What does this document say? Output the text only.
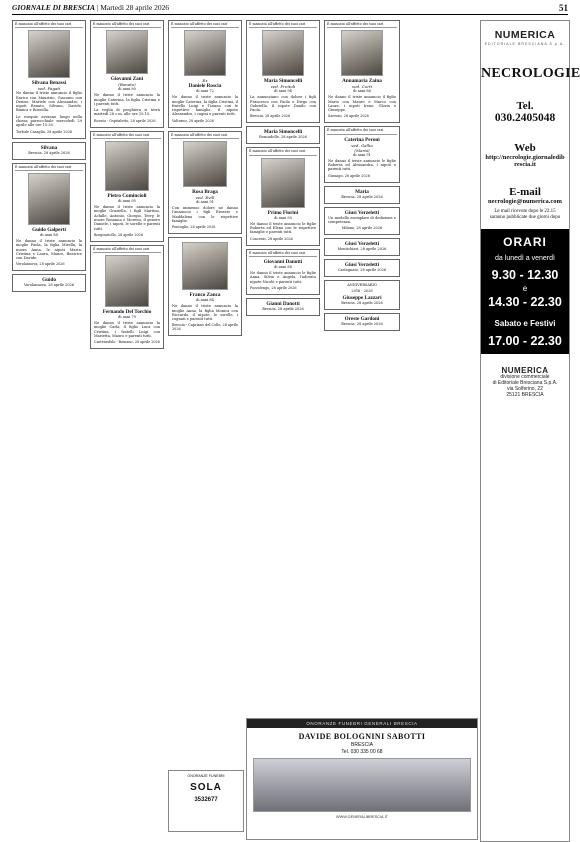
GIORNALE DI BRESCIA | Martedì 28 aprile 2026	51
È mancata all'affetto dei suoi cari
Silvana Benassi
ved. Pagati

Ne danno il triste annuncio il figlio Enrico con Maurizio, Giacomo con Denise, Mariele con Alessandro, i nipoti Renato, Silvano, Davide, Bianca e Rossella.

Le esequie avranno luogo nella chiesa parrocchiale mercoledì 29 aprile alle ore 15.30.

Torbole Casaglia, 28 aprile 2026

Silvana
Brescia, 28 aprile 2026
È mancata all'affetto dei suoi cari
Guido Galperti
di anni 88

Ne danno il triste annuncio la moglie Paola, la figlia Mirella, la nuora Anna, le nipoti Marta, Cristina e Laura, Mauro, Beatrice con Davide.

Verolanuova, 28 aprile 2026

Guido
Verolanuova, 28 aprile 2026
È mancato all'affetto dei suoi cari
Giovanni Zani
(Bonato)
di anni 80

Ne danno il triste annuncio la moglie Caterina, la figlia Cristina e i parenti tutti.

La veglia di preghiera si terrà martedì 28 c.m. alle ore 19.15.

Rovato - Ospitaletto, 28 aprile 2026

È mancato all'affetto dei suoi cari
Pietro Comincioli
di anni 95

Ne danno il triste annuncio la moglie Graziella, i figli Martino, Achille, Antonio, Giorgio, Terry, le nuore Rosanna e Moreno, il genero Daniele, i nipoti, le sorelle e parenti tutti.

Borgosatollo, 28 aprile 2026

È mancato all'affetto dei suoi cari
Fernando Del Torchio
di anni 79

Ne danno il triste annuncio la moglie Carla, il figlio Luca con Cristina, i fratelli Luigi con Marietta, Mauro e parenti tutti.

Castenedolo - Remano, 28 aprile 2026

È mancato all'affetto dei suoi cari
Ex
Daniele Roscia
di anni 72

Ne danno il triste annuncio la moglie Caterina, la figlia Cristina, il fratello Luigi e Tiziano con le rispettive famiglie, il nipote Alessandro, i cugini e parenti tutti.

Volturno, 28 aprile 2026

È mancata all'affetto dei suoi cari
Rosa Braga
ved. Evill
di anni 91

Con immenso dolore ne danno l'annuncio i figli Ernesto e Maddalena con le rispettive famiglie.

Pontoglio, 28 aprile 2026

Franco Zanca
di anni 84

Ne danno il triste annuncio la moglie Anna, la figlia Monica con Riccardo, il nipote, le sorelle, i cognati e parenti tutti.

Brescia - Capriano del Colle, 28 aprile 2026

ONORANZE FUNEBRI
SOLA
3532677
È mancata all'affetto dei suoi cari
Maria Simoncelli
ved. Freitoli
di anni 94

La annunciano con dolore i figli Francesco con Paola e Diego con Gabriella, il nipote Danilo con Paola.

Brescia, 28 aprile 2026

Maria Simoncelli
Roncadelle, 28 aprile 2026
È mancato all'affetto dei suoi cari
Primo Florini
di anni 93

Ne danno il triste annuncio le figlie Roberta ed Elena con le rispettive famiglie e parenti tutti.

Concesio, 28 aprile 2026

È mancato all'affetto dei suoi cari
Giovanni Danotti
di anni 88

Ne danno il triste annuncio le figlie Anna, Silvia e Angela, l'adorato nipote Nicolò e parenti tutti.

Pozzolengo, 28 aprile 2026

Gianni Danotti
Brescia, 28 aprile 2026
È mancata all'affetto dei suoi cari
Annamaria Zaina
ved. Corti
di anni 86

Ne danno il triste annuncio il figlio Mario con Mauro e Marco con Laura, i nipoti Irene, Gloria e Giuseppe.

Sarezzo, 28 aprile 2026

È mancata all'affetto dei suoi cari
Caterina Peroni
ved. Gallia
(Maria)
di anni 91

Ne danno il triste annuncio le figlie Roberta ed Alessandra, i nipoti e parenti tutti.

Gussago, 28 aprile 2026

Maria
Brescia, 28 aprile 2026
Giusi Verzeletti

Un modello esemplare di dedizione e competenza.

Milano, 28 aprile 2026
Giusi Verzeletti
Montichiari, 28 aprile 2026
Giusi Verzeletti
Castegnato, 28 aprile 2026
ANNIVERSARIO
2016 - 2026
Giuseppe Lazzari
Brescia, 28 aprile 2026
Oreste Gardoni
Brescia, 28 aprile 2026
NUMERICA
EDITORIALE BRESCIANA S.p.A.
NECROLOGIE
Tel.
030.2405048
Web
http://necrologie.giornaledibrescia.it
E-mail
necrologie@numerica.com
Le mail ricevute dopo le 22.15 saranno pubblicate due giorni dopo
ORARI
da lunedì a venerdì
9.30 - 12.30
e
14.30 - 22.30
Sabato e Festivi
17.00 - 22.30
NUMERICA
divisione commerciale
di Editoriale Bresciana S.p.A.
via Solferino, 22
25121 BRESCIA
ONORANZE FUNEBRI GENERALI BRESCIA
DAVIDE BOLOGNINI SABOTTI
BRESCIA
Tel. 030 335 00 68
WWW.GENERALIBRESCIA.IT
